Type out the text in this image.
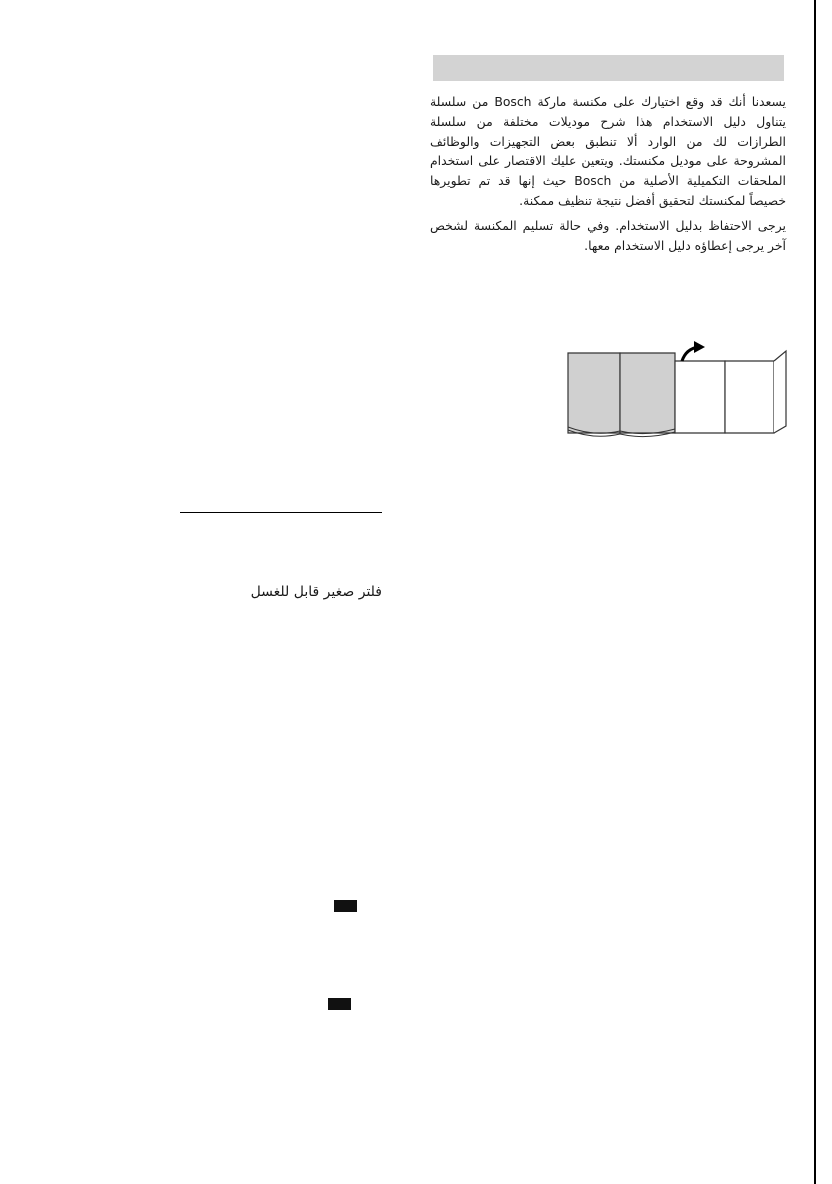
يسعدنا أنك قد وقع اختيارك على مكنسة ماركة Bosch من سلسلة يتناول دليل الاستخدام هذا شرح موديلات مختلفة من سلسلة الطرازات لك من الوارد ألا تنطبق بعض التجهيزات والوظائف المشروحة على موديل مكنستك. ويتعين عليك الاقتصار على استخدام الملحقات التكميلية الأصلية من Bosch حيث إنها قد تم تطويرها خصيصاً لمكنستك لتحقيق أفضل نتيجة تنظيف ممكنة.

يرجى الاحتفاظ بدليل الاستخدام. وفي حالة تسليم المكنسة لشخص آخر يرجى إعطاؤه دليل الاستخدام معها.

فلتر صغير قابل للغسل
